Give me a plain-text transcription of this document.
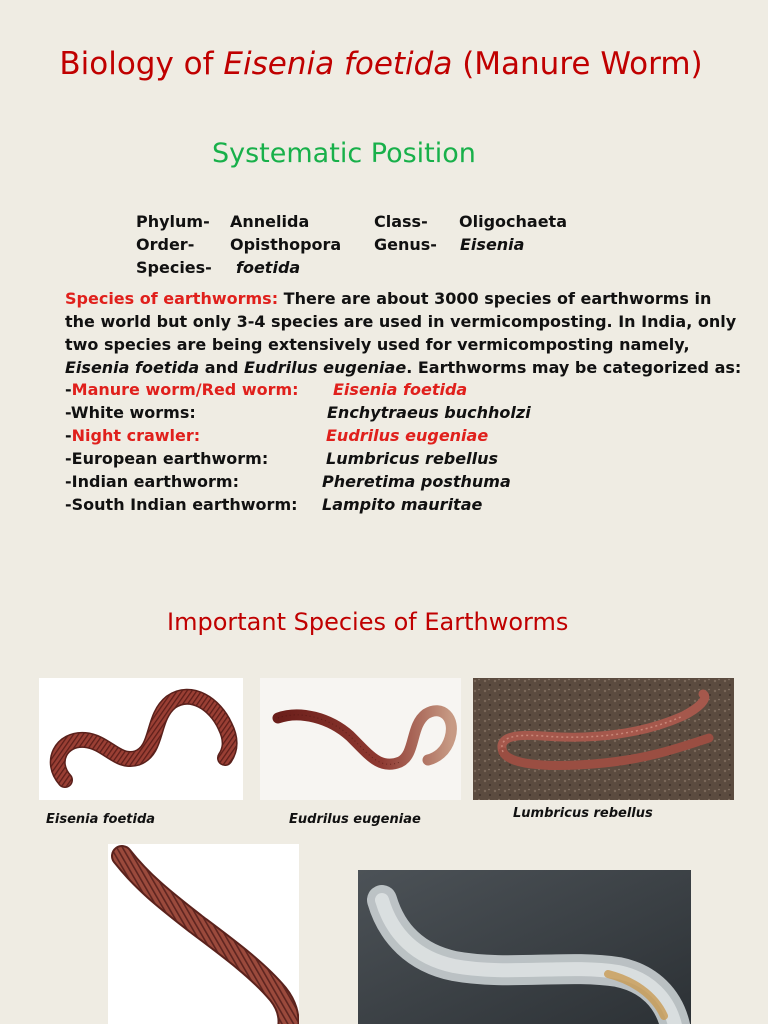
Biology of Eisenia foetida (Manure Worm)
Systematic Position
Phylum- Annelida	Class- Oligochaeta
Order- Opisthopora Genus- Eisenia
Species- foetida
Species of earthworms: There are about 3000 species of earthworms in the world but only 3-4 species are used in vermicomposting. In India, only two species are being extensively used for vermicomposting namely, Eisenia foetida and Eudrilus eugeniae. Earthworms may be categorized as:
-Manure worm/Red worm: Eisenia foetida
-White worms:	Enchytraeus buchholzi
-Night crawler:	Eudrilus eugeniae
-European earthworm:	Lumbricus rebellus
-Indian earthworm:	Pheretima posthuma
-South Indian earthworm: Lampito mauritae
Important Species of Earthworms
Eisenia foetida	Eudrilus eugeniae	Lumbricus rebellus
